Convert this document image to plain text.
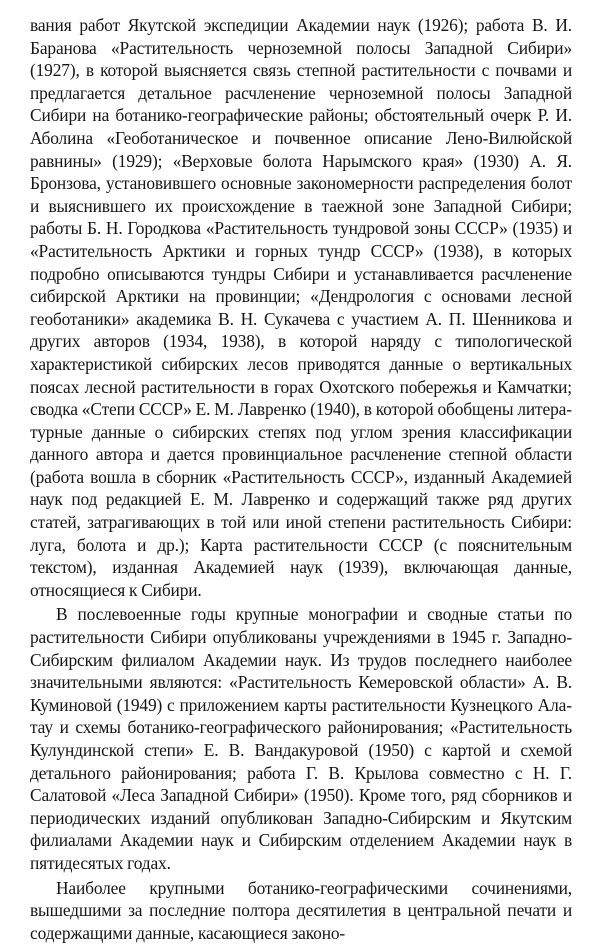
вания работ Якутской экспедиции Академии наук (1926); работа В. И. Баранова «Растительность черноземной полосы Западной Сибири» (1927), в которой выясняется связь степной растительности с почвами и предлагается детальное расчленение черноземной полосы Западной Сибири на ботанико-географические районы; обстоятельный очерк Р. И. Аболина «Геоботаническое и почвенное описание Лено-Вилюйской равнины» (1929); «Верховые болота Нарымского края» (1930) А. Я. Бронзова, установившего основные закономерности распределения болот и выяснившего их происхождение в таежной зоне Западной Сибири; работы Б. Н. Городкова «Растительность тундровой зоны СССР» (1935) и «Растительность Арктики и горных тундр СССР» (1938), в которых подробно описываются тундры Сибири и устанавливается расчленение сибирской Арктики на провинции; «Дендрология с основами лесной геоботаники» академика В. Н. Сукачева с участием А. П. Шенникова и других авторов (1934, 1938), в которой наряду с типологической характеристикой сибирских лесов приводятся данные о вертикальных поясах лесной растительности в горах Охотского побережья и Камчатки; сводка «Степи СССР» Е. М. Лавренко (1940), в которой обобщены литературные данные о сибирских степях под углом зрения классификации данного автора и дается провинциальное расчленение степной области (работа вошла в сборник «Растительность СССР», изданный Академией наук под редакцией Е. М. Лавренко и содержащий также ряд других статей, затрагивающих в той или иной степени растительность Сибири: луга, болота и др.); Карта растительности СССР (с пояснительным текстом), изданная Академией наук (1939), включающая данные, относящиеся к Сибири.

В послевоенные годы крупные монографии и сводные статьи по растительности Сибири опубликованы учреждениями в 1945 г. Западно-Сибирским филиалом Академии наук. Из трудов последнего наиболее значительными являются: «Растительность Кемеровской области» А. В. Куминовой (1949) с приложением карты растительности Кузнецкого Алатау и схемы ботанико-географического районирования; «Растительность Кулундинской степи» Е. В. Вандакуровой (1950) с картой и схемой детального районирования; работа Г. В. Крылова совместно с Н. Г. Салатовой «Леса Западной Сибири» (1950). Кроме того, ряд сборников и периодических изданий опубликован Западно-Сибирским и Якутским филиалами Академии наук и Сибирским отделением Академии наук в пятидесятых годах.

Наиболее крупными ботанико-географическими сочинениями, вышедшими за последние полтора десятилетия в центральной печати и содержащими данные, касающиеся законо-
